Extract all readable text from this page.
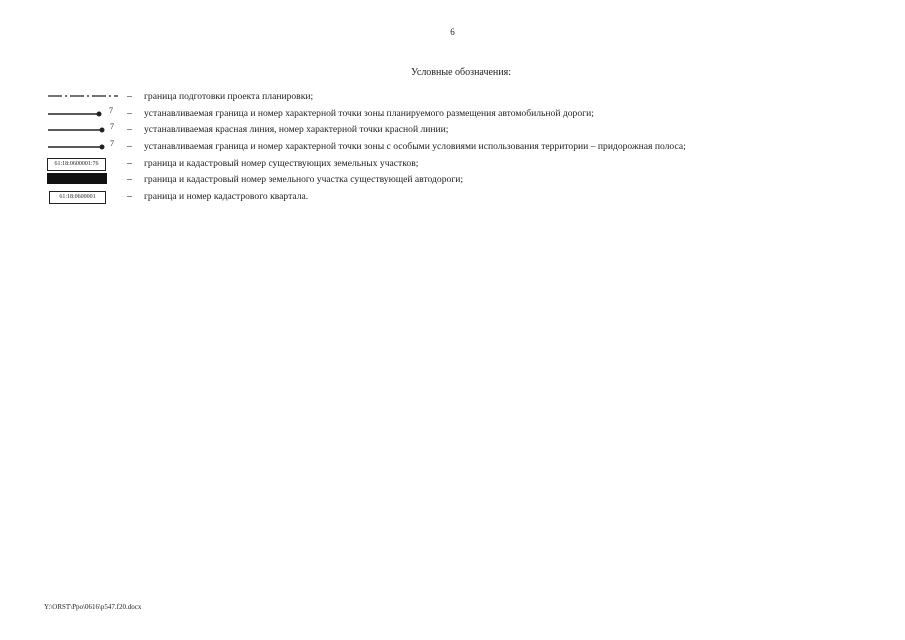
6
Условные обозначения:
– граница подготовки проекта планировки;
7 – устанавливаемая граница и номер характерной точки зоны планируемого размещения автомобильной дороги;
7 – устанавливаемая красная линия, номер характерной точки красной линии;
7 – устанавливаемая граница и номер характерной точки зоны с особыми условиями использования территории – придорожная полоса;
61:18:0600001:76	– граница и кадастровый номер существующих земельных участков;
– граница и кадастровый номер земельного участка существующей автодороги;
61:18:0600001	– граница и номер кадастрового квартала.
Y:\ORST\Ppo\0616\p547.f20.docx
